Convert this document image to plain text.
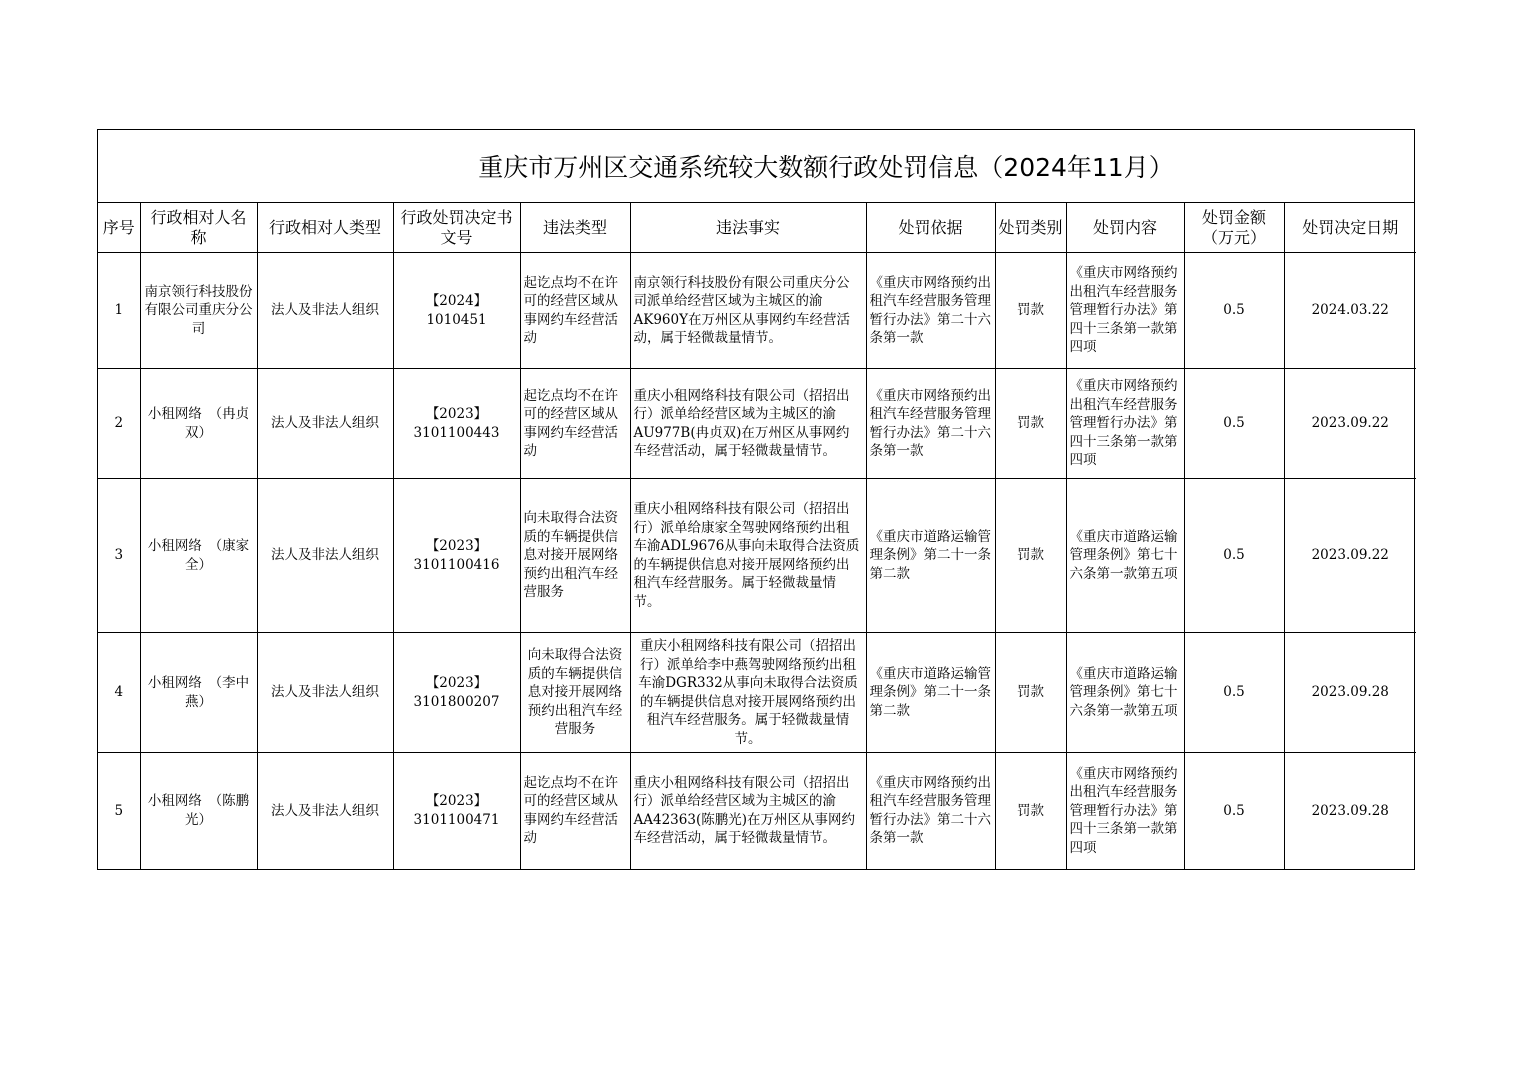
重庆市万州区交通系统较大数额行政处罚信息（2024年11月）
序号	行政相对人名称	行政相对人类型	行政处罚决定书文号	违法类型	违法事实	处罚依据	处罚类别	处罚内容	处罚金额（万元）	处罚决定日期
1	南京领行科技股份有限公司重庆分公司	法人及非法人组织	【2024】1010451	起讫点均不在许可的经营区域从事网约车经营活动	南京领行科技股份有限公司重庆分公司派单给经营区域为主城区的渝AK960Y在万州区从事网约车经营活动，属于轻微裁量情节。	《重庆市网络预约出租汽车经营服务管理暂行办法》第二十六条第一款	罚款	《重庆市网络预约出租汽车经营服务管理暂行办法》第四十三条第一款第四项	0.5	2024.03.22
2	小租网络　（冉贞双）	法人及非法人组织	【2023】3101100443	起讫点均不在许可的经营区域从事网约车经营活动	重庆小租网络科技有限公司（招招出行）派单给经营区域为主城区的渝AU977B(冉贞双)在万州区从事网约车经营活动，属于轻微裁量情节。	《重庆市网络预约出租汽车经营服务管理暂行办法》第二十六条第一款	罚款	《重庆市网络预约出租汽车经营服务管理暂行办法》第四十三条第一款第四项	0.5	2023.09.22
3	小租网络　（康家全）	法人及非法人组织	【2023】3101100416	向未取得合法资质的车辆提供信息对接开展网络预约出租汽车经营服务	重庆小租网络科技有限公司（招招出行）派单给康家全驾驶网络预约出租车渝ADL9676从事向未取得合法资质的车辆提供信息对接开展网络预约出租汽车经营服务。属于轻微裁量情节。	《重庆市道路运输管理条例》第二十一条第二款	罚款	《重庆市道路运输管理条例》第七十六条第一款第五项	0.5	2023.09.22
4	小租网络　（李中燕）	法人及非法人组织	【2023】3101800207	向未取得合法资质的车辆提供信息对接开展网络预约出租汽车经营服务	重庆小租网络科技有限公司（招招出行）派单给李中燕驾驶网络预约出租车渝DGR332从事向未取得合法资质的车辆提供信息对接开展网络预约出租汽车经营服务。属于轻微裁量情节。	《重庆市道路运输管理条例》第二十一条第二款	罚款	《重庆市道路运输管理条例》第七十六条第一款第五项	0.5	2023.09.28
5	小租网络　（陈鹏光）	法人及非法人组织	【2023】3101100471	起讫点均不在许可的经营区域从事网约车经营活动	重庆小租网络科技有限公司（招招出行）派单给经营区域为主城区的渝AA42363(陈鹏光)在万州区从事网约车经营活动，属于轻微裁量情节。	《重庆市网络预约出租汽车经营服务管理暂行办法》第二十六条第一款	罚款	《重庆市网络预约出租汽车经营服务管理暂行办法》第四十三条第一款第四项	0.5	2023.09.28
